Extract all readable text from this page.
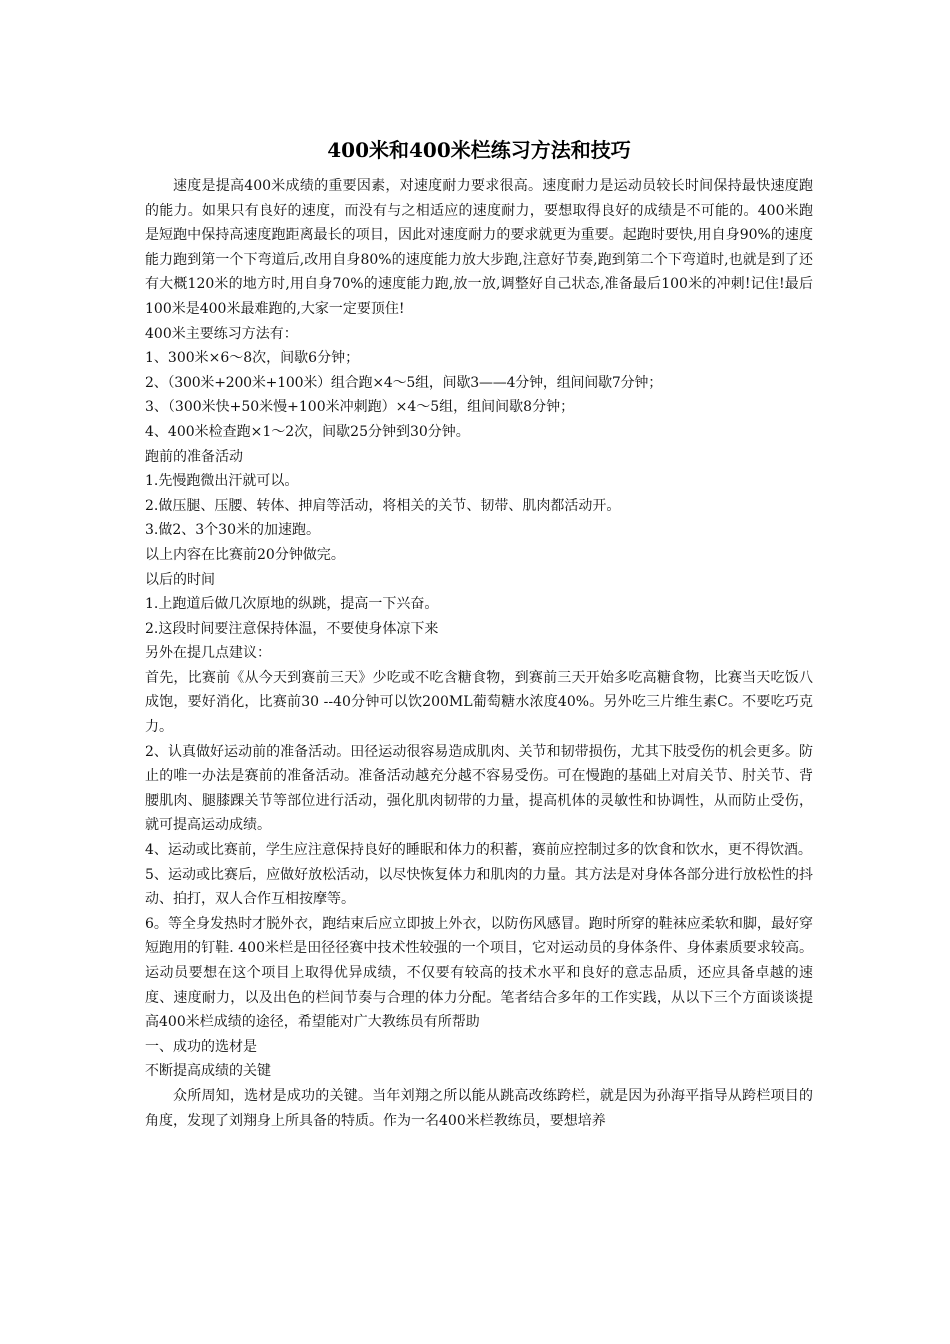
400米和400米栏练习方法和技巧

速度是提高400米成绩的重要因素，对速度耐力要求很高。速度耐力是运动员较长时间保持最快速度跑的能力。如果只有良好的速度，而没有与之相适应的速度耐力，要想取得良好的成绩是不可能的。400米跑是短跑中保持高速度跑距离最长的项目，因此对速度耐力的要求就更为重要。起跑时要快,用自身90%的速度能力跑到第一个下弯道后,改用自身80%的速度能力放大步跑,注意好节奏,跑到第二个下弯道时,也就是到了还有大概120米的地方时,用自身70%的速度能力跑,放一放,调整好自己状态,准备最后100米的冲刺!记住!最后100米是400米最难跑的,大家一定要顶住!

400米主要练习方法有：

1、300米×6～8次，间歇6分钟；

2、（300米+200米+100米）组合跑×4～5组，间歇3——4分钟，组间间歇7分钟；

3、（300米快+50米慢+100米冲刺跑）×4～5组，组间间歇8分钟；

4、400米检查跑×1～2次，间歇25分钟到30分钟。

跑前的准备活动

1.先慢跑微出汗就可以。

2.做压腿、压腰、转体、抻肩等活动，将相关的关节、韧带、肌肉都活动开。

3.做2、3个30米的加速跑。

以上内容在比赛前20分钟做完。

以后的时间

1.上跑道后做几次原地的纵跳，提高一下兴奋。

2.这段时间要注意保持体温，不要使身体凉下来

另外在提几点建议：

首先，比赛前《从今天到赛前三天》少吃或不吃含糖食物，到赛前三天开始多吃高糖食物，比赛当天吃饭八成饱，要好消化，比赛前30 --40分钟可以饮200ML葡萄糖水浓度40%。另外吃三片维生素C。不要吃巧克力。

2、认真做好运动前的准备活动。田径运动很容易造成肌肉、关节和韧带损伤，尤其下肢受伤的机会更多。防止的唯一办法是赛前的准备活动。准备活动越充分越不容易受伤。可在慢跑的基础上对肩关节、肘关节、背腰肌肉、腿膝踝关节等部位进行活动，强化肌肉韧带的力量，提高机体的灵敏性和协调性，从而防止受伤，就可提高运动成绩。

4、运动或比赛前，学生应注意保持良好的睡眠和体力的积蓄，赛前应控制过多的饮食和饮水，更不得饮酒。

5、运动或比赛后，应做好放松活动，以尽快恢复体力和肌肉的力量。其方法是对身体各部分进行放松性的抖动、拍打，双人合作互相按摩等。

6。等全身发热时才脱外衣，跑结束后应立即披上外衣，以防伤风感冒。跑时所穿的鞋袜应柔软和脚，最好穿短跑用的钉鞋. 400米栏是田径径赛中技术性较强的一个项目，它对运动员的身体条件、身体素质要求较高。运动员要想在这个项目上取得优异成绩，不仅要有较高的技术水平和良好的意志品质，还应具备卓越的速度、速度耐力，以及出色的栏间节奏与合理的体力分配。笔者结合多年的工作实践，从以下三个方面谈谈提高400米栏成绩的途径，希望能对广大教练员有所帮助

一、成功的选材是

不断提高成绩的关键

众所周知，选材是成功的关键。当年刘翔之所以能从跳高改练跨栏，就是因为孙海平指导从跨栏项目的角度，发现了刘翔身上所具备的特质。作为一名400米栏教练员，要想培养
